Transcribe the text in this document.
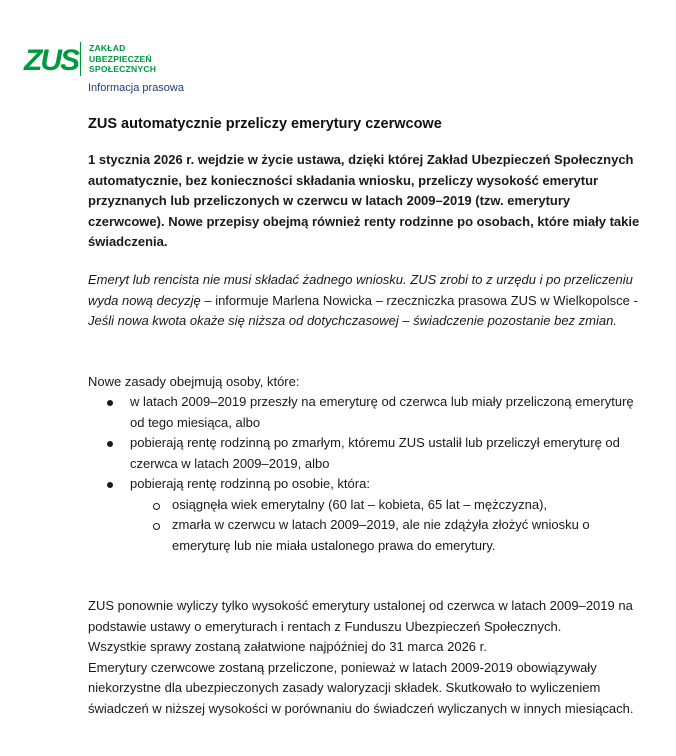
ZUS ZAKŁAD
UBEZPIECZEŃ
SPOŁECZNYCH
Informacja prasowa
ZUS automatycznie przeliczy emerytury czerwcowe
1 stycznia 2026 r. wejdzie w życie ustawa, dzięki której Zakład Ubezpieczeń Społecznych automatycznie, bez konieczności składania wniosku, przeliczy wysokość emerytur przyznanych lub przeliczonych w czerwcu w latach 2009–2019 (tzw. emerytury czerwcowe). Nowe przepisy obejmą również renty rodzinne po osobach, które miały takie świadczenia.
Emeryt lub rencista nie musi składać żadnego wniosku. ZUS zrobi to z urzędu i po przeliczeniu wyda nową decyzję – informuje Marlena Nowicka – rzeczniczka prasowa ZUS w Wielkopolsce - Jeśli nowa kwota okaże się niższa od dotychczasowej – świadczenie pozostanie bez zmian.
Nowe zasady obejmują osoby, które:
w latach 2009–2019 przeszły na emeryturę od czerwca lub miały przeliczoną emeryturę od tego miesiąca, albo
pobierają rentę rodzinną po zmarłym, któremu ZUS ustalił lub przeliczył emeryturę od czerwca w latach 2009–2019, albo
pobierają rentę rodzinną po osobie, która:
osiągnęła wiek emerytalny (60 lat – kobieta, 65 lat – mężczyzna),
zmarła w czerwcu w latach 2009–2019, ale nie zdążyła złożyć wniosku o emeryturę lub nie miała ustalonego prawa do emerytury.
ZUS ponownie wyliczy tylko wysokość emerytury ustalonej od czerwca w latach 2009–2019 na podstawie ustawy o emeryturach i rentach z Funduszu Ubezpieczeń Społecznych.
Wszystkie sprawy zostaną załatwione najpóźniej do 31 marca 2026 r.
Emerytury czerwcowe zostaną przeliczone, ponieważ w latach 2009-2019 obowiązywały niekorzystne dla ubezpieczonych zasady waloryzacji składek. Skutkowało to wyliczeniem świadczeń w niższej wysokości w porównaniu do świadczeń wyliczanych w innych miesiącach.
